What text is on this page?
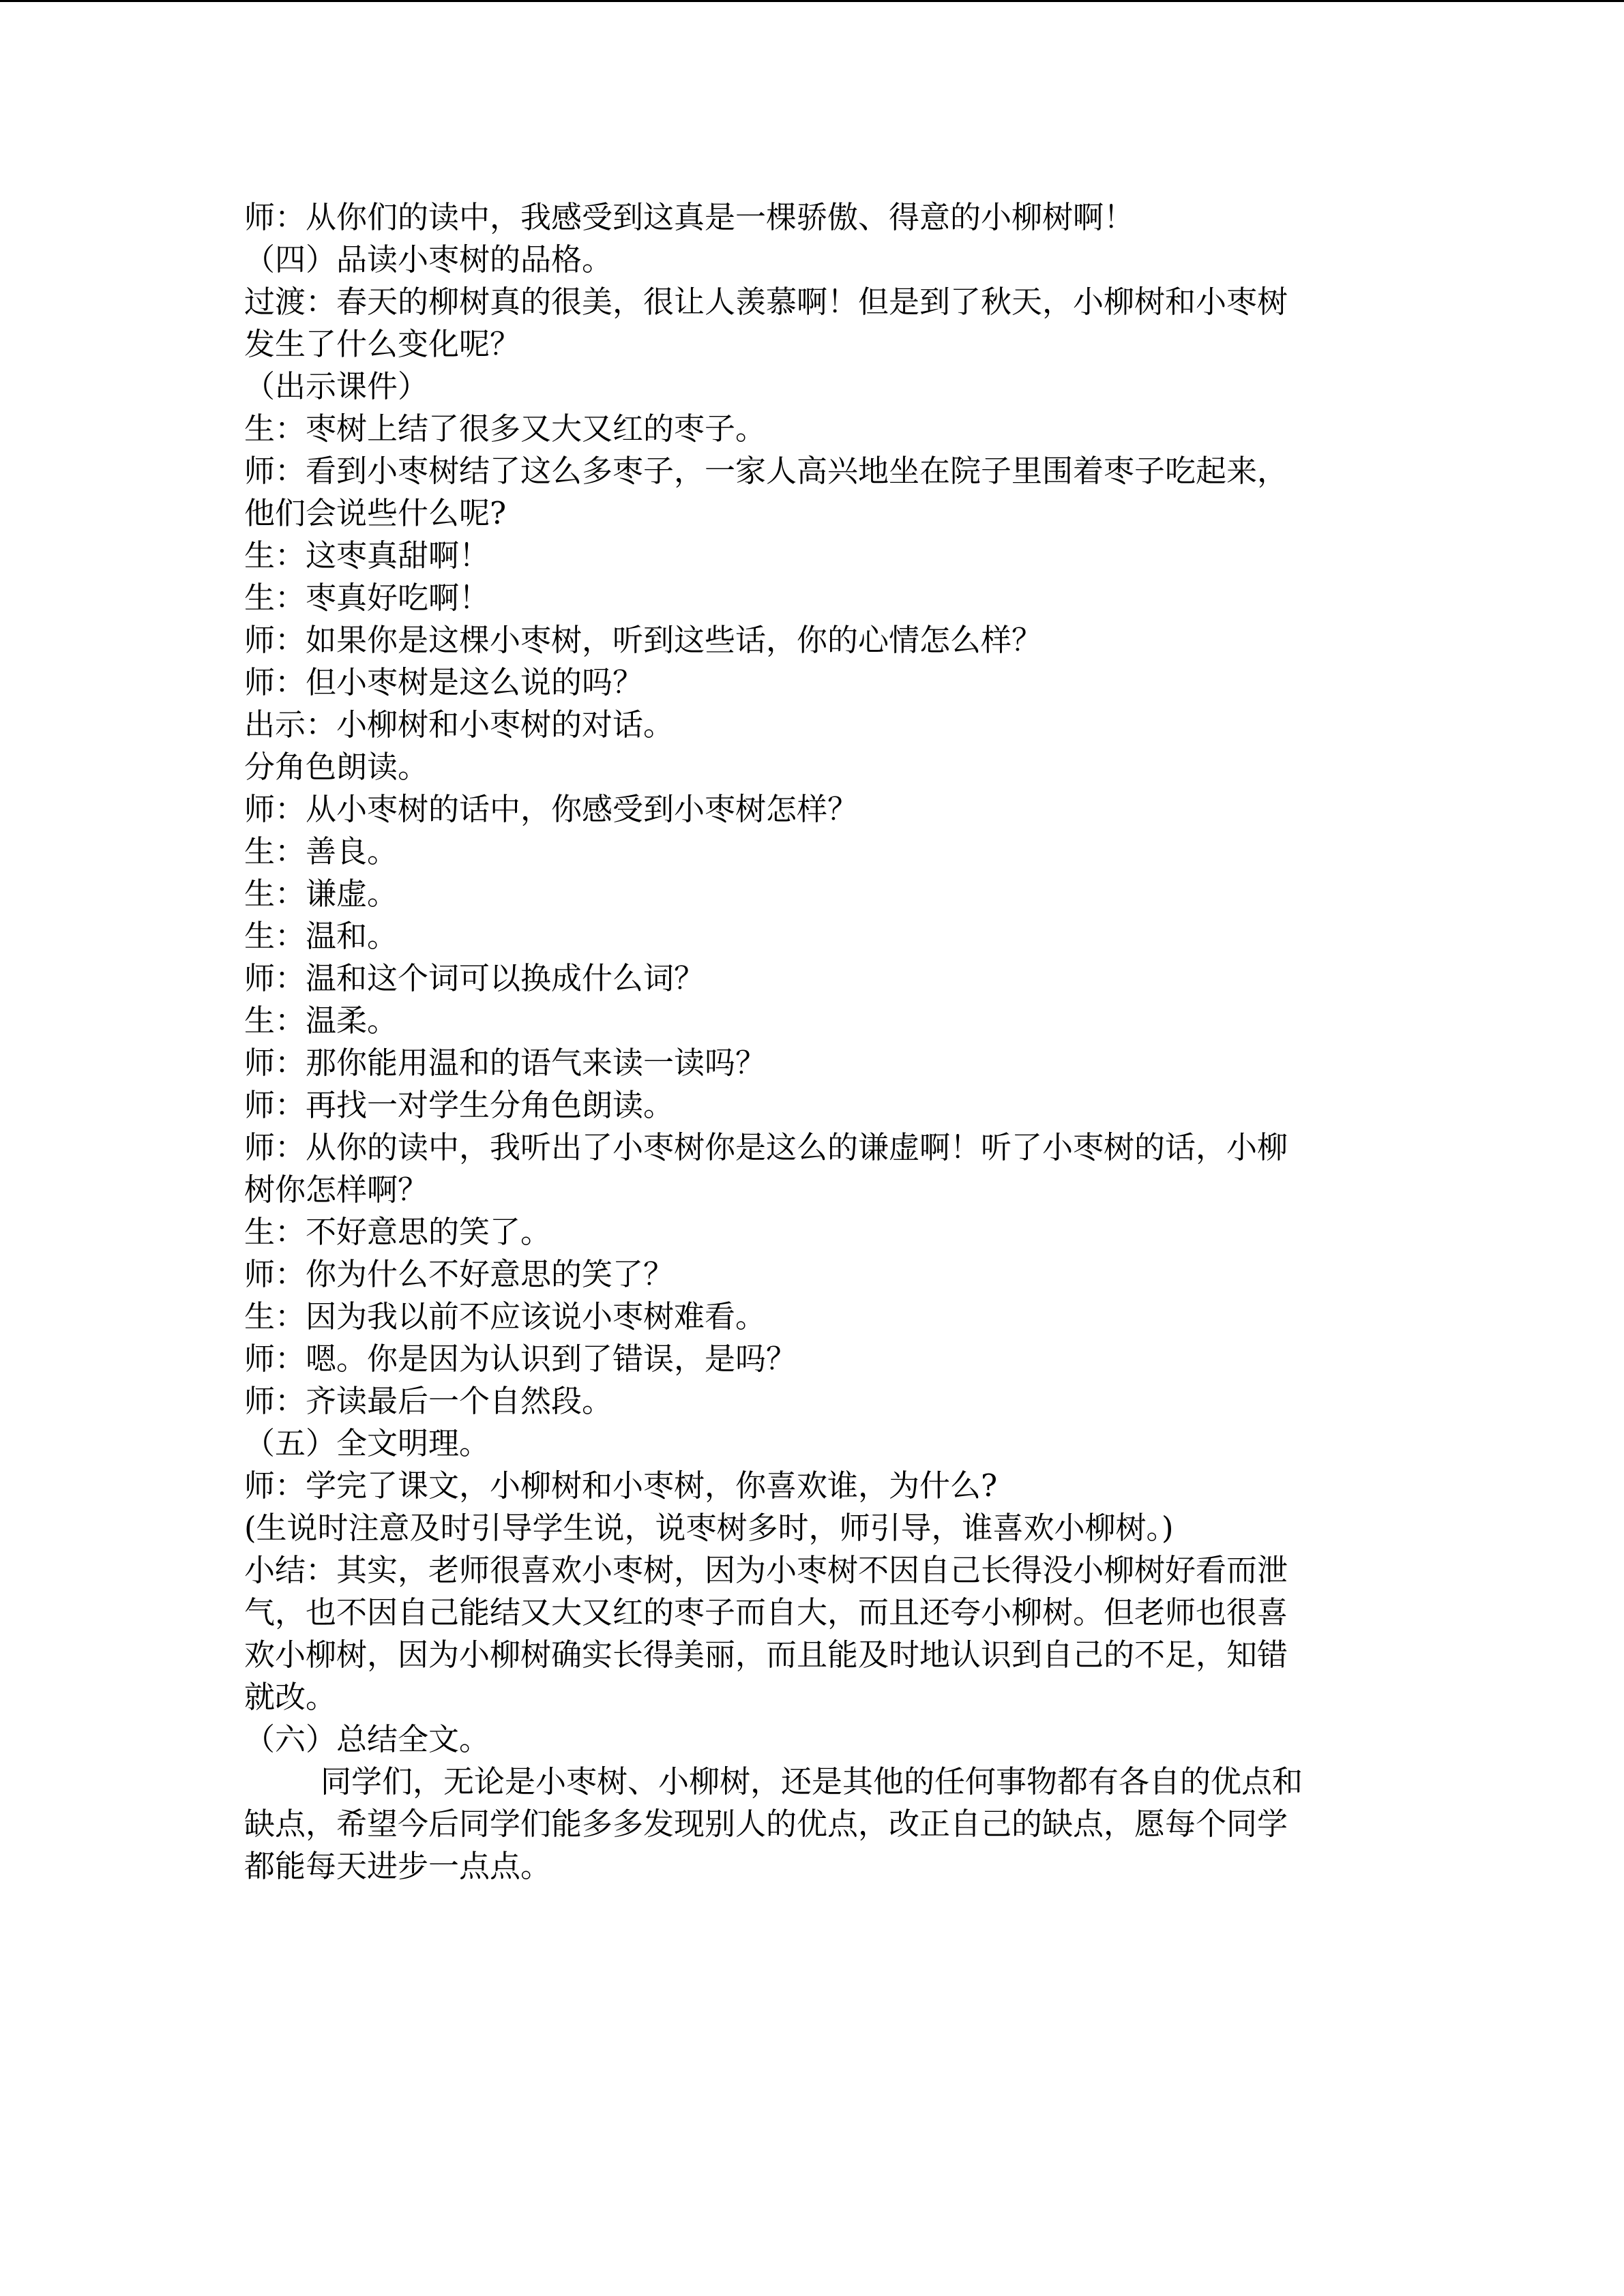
师：从你们的读中，我感受到这真是一棵骄傲、得意的小柳树啊！

（四）品读小枣树的品格。

过渡：春天的柳树真的很美，很让人羡慕啊！但是到了秋天，小柳树和小枣树

发生了什么变化呢？

（出示课件）

生：枣树上结了很多又大又红的枣子。

师：看到小枣树结了这么多枣子，一家人高兴地坐在院子里围着枣子吃起来，

他们会说些什么呢?

生：这枣真甜啊！

生：枣真好吃啊！

师：如果你是这棵小枣树，听到这些话，你的心情怎么样？

师：但小枣树是这么说的吗？

出示：小柳树和小枣树的对话。

分角色朗读。

师：从小枣树的话中，你感受到小枣树怎样？

生：善良。

生：谦虚。

生：温和。

师：温和这个词可以换成什么词？

生：温柔。

师：那你能用温和的语气来读一读吗？

师：再找一对学生分角色朗读。

师：从你的读中，我听出了小枣树你是这么的谦虚啊！听了小枣树的话，小柳

树你怎样啊？

生：不好意思的笑了。

师：你为什么不好意思的笑了？

生：因为我以前不应该说小枣树难看。

师：嗯。你是因为认识到了错误，是吗？

师：齐读最后一个自然段。

（五）全文明理。

师：学完了课文，小柳树和小枣树，你喜欢谁，为什么?

(生说时注意及时引导学生说，说枣树多时，师引导，谁喜欢小柳树。)

小结：其实，老师很喜欢小枣树，因为小枣树不因自己长得没小柳树好看而泄

气，也不因自己能结又大又红的枣子而自大，而且还夸小柳树。但老师也很喜

欢小柳树，因为小柳树确实长得美丽，而且能及时地认识到自己的不足，知错

就改。

（六）总结全文。

同学们，无论是小枣树、小柳树，还是其他的任何事物都有各自的优点和

缺点，希望今后同学们能多多发现别人的优点，改正自己的缺点，愿每个同学

都能每天进步一点点。
